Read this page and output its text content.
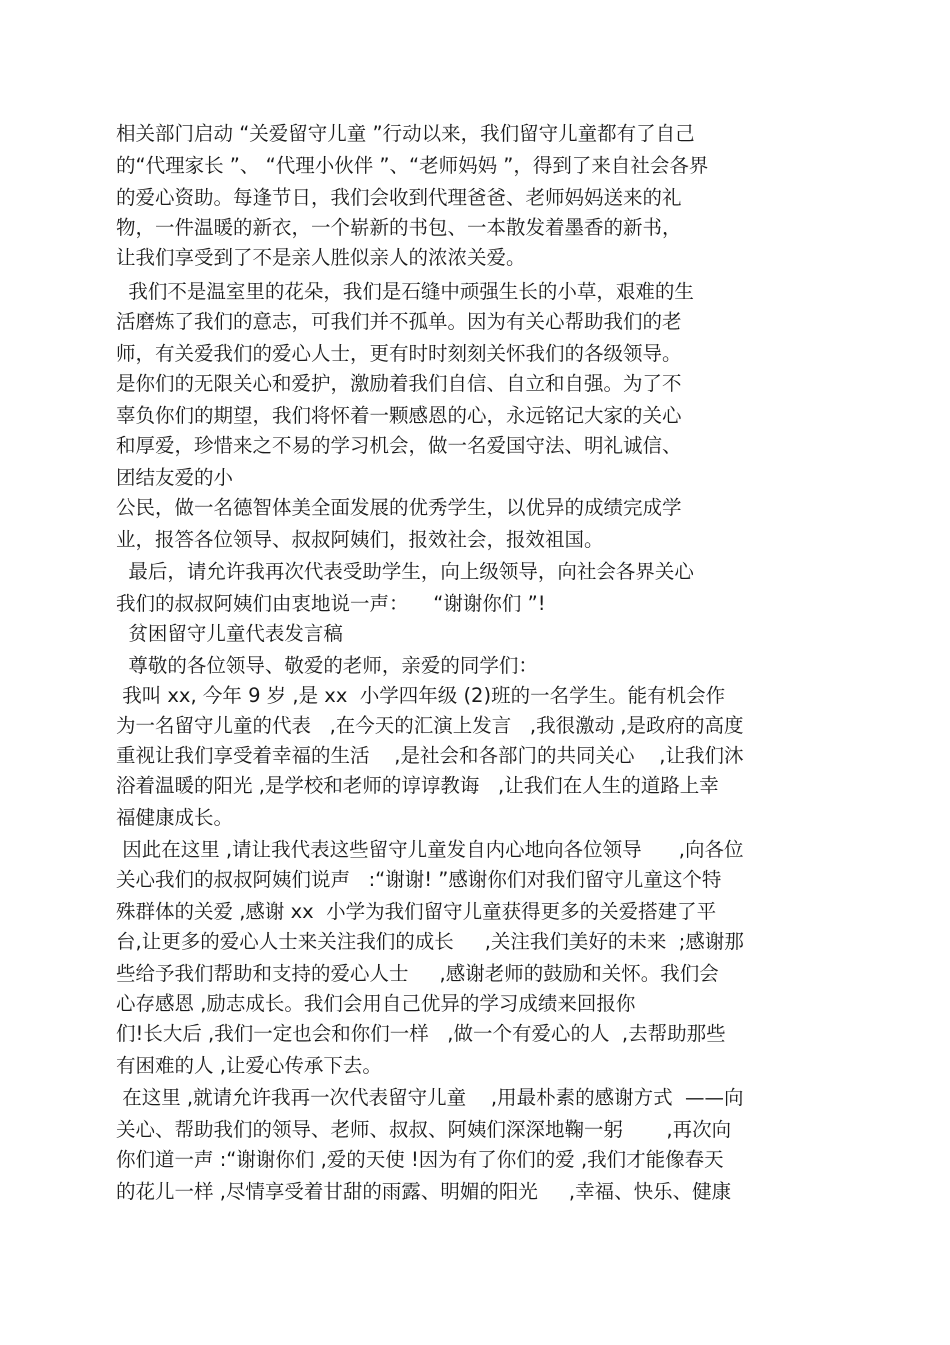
相关部门启动 “关爱留守儿童 ”行动以来，我们留守儿童都有了自己
的“代理家长 ”、 “代理小伙伴 ”、“老师妈妈 ”，得到了来自社会各界
的爱心资助。每逢节日，我们会收到代理爸爸、老师妈妈送来的礼
物，一件温暖的新衣，一个崭新的书包、一本散发着墨香的新书，
让我们享受到了不是亲人胜似亲人的浓浓关爱。
我们不是温室里的花朵，我们是石缝中顽强生长的小草，艰难的生
活磨炼了我们的意志，可我们并不孤单。因为有关心帮助我们的老
师，有关爱我们的爱心人士，更有时时刻刻关怀我们的各级领导。
是你们的无限关心和爱护，激励着我们自信、自立和自强。为了不
辜负你们的期望，我们将怀着一颗感恩的心，永远铭记大家的关心
和厚爱，珍惜来之不易的学习机会，做一名爱国守法、明礼诚信、
团结友爱的小
公民，做一名德智体美全面发展的优秀学生，以优异的成绩完成学
业，报答各位领导、叔叔阿姨们，报效社会，报效祖国。
最后，请允许我再次代表受助学生，向上级领导，向社会各界关心
我们的叔叔阿姨们由衷地说一声：    “谢谢你们 ”!
贫困留守儿童代表发言稿
尊敬的各位领导、敬爱的老师，亲爱的同学们：
我叫 xx, 今年 9 岁 ,是 xx  小学四年级 (2)班的一名学生。能有机会作
为一名留守儿童的代表   ,在今天的汇演上发言   ,我很激动 ,是政府的高度
重视让我们享受着幸福的生活    ,是社会和各部门的共同关心    ,让我们沐
浴着温暖的阳光 ,是学校和老师的谆谆教诲   ,让我们在人生的道路上幸
福健康成长。
因此在这里 ,请让我代表这些留守儿童发自内心地向各位领导      ,向各位
关心我们的叔叔阿姨们说声   :“谢谢! ”感谢你们对我们留守儿童这个特
殊群体的关爱 ,感谢 xx  小学为我们留守儿童获得更多的关爱搭建了平
台,让更多的爱心人士来关注我们的成长     ,关注我们美好的未来  ;感谢那
些给予我们帮助和支持的爱心人士     ,感谢老师的鼓励和关怀。我们会
心存感恩 ,励志成长。我们会用自己优异的学习成绩来回报你
们!长大后 ,我们一定也会和你们一样   ,做一个有爱心的人  ,去帮助那些
有困难的人 ,让爱心传承下去。
在这里 ,就请允许我再一次代表留守儿童    ,用最朴素的感谢方式  ——向
关心、帮助我们的领导、老师、叔叔、阿姨们深深地鞠一躬       ,再次向
你们道一声 :“谢谢你们 ,爱的天使 !因为有了你们的爱 ,我们才能像春天
的花儿一样 ,尽情享受着甘甜的雨露、明媚的阳光     ,幸福、快乐、健康
